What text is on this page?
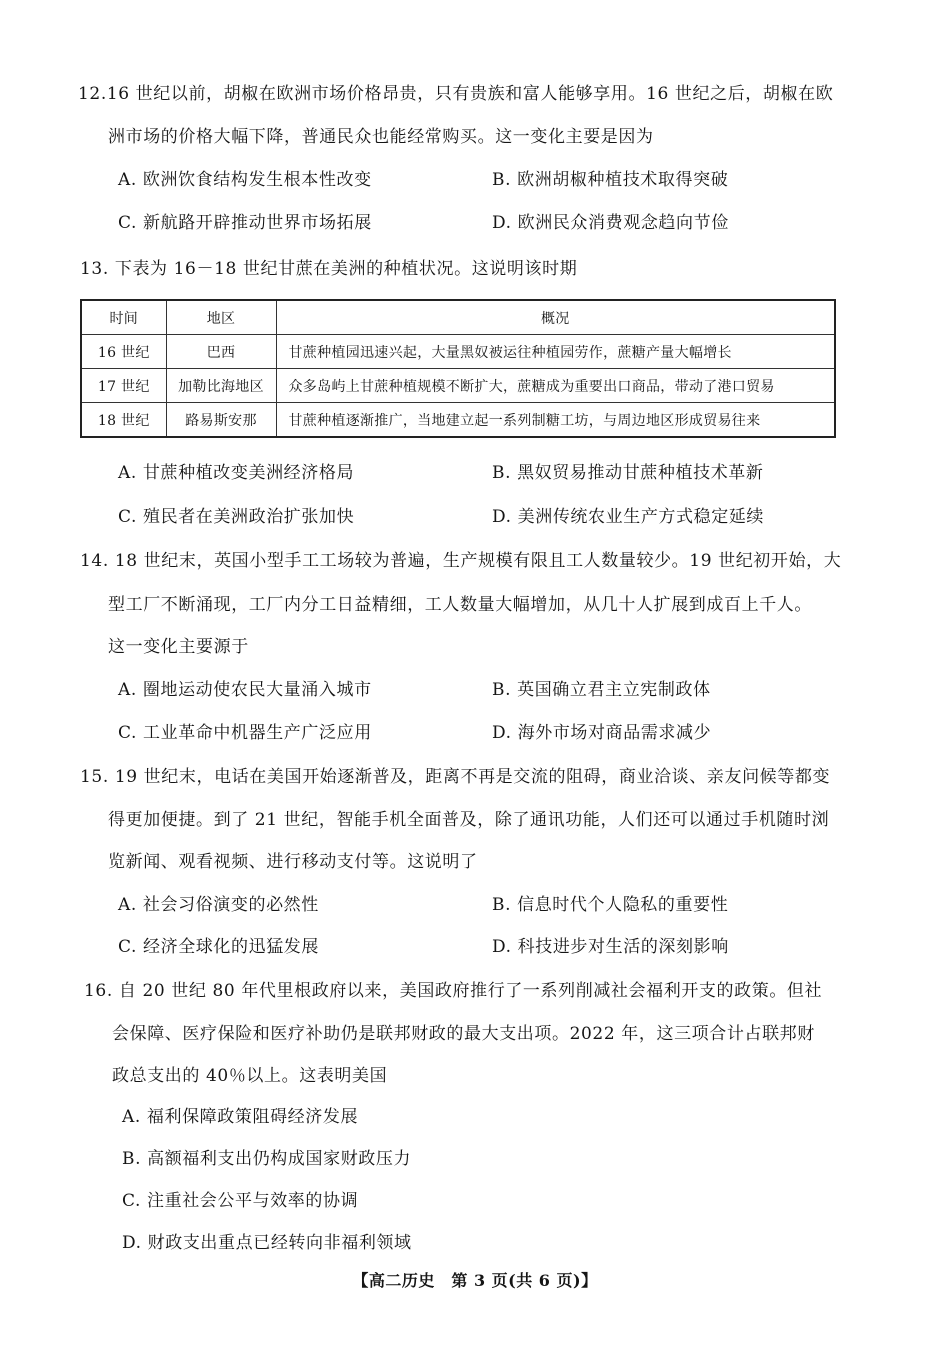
12.16 世纪以前，胡椒在欧洲市场价格昂贵，只有贵族和富人能够享用。16 世纪之后，胡椒在欧
洲市场的价格大幅下降，普通民众也能经常购买。这一变化主要是因为
A. 欧洲饮食结构发生根本性改变	B. 欧洲胡椒种植技术取得突破
C. 新航路开辟推动世界市场拓展	D. 欧洲民众消费观念趋向节俭
13. 下表为 16－18 世纪甘蔗在美洲的种植状况。这说明该时期
时间	地区	概况
16 世纪	巴西	甘蔗种植园迅速兴起，大量黑奴被运往种植园劳作，蔗糖产量大幅增长
17 世纪	加勒比海地区	众多岛屿上甘蔗种植规模不断扩大，蔗糖成为重要出口商品，带动了港口贸易
18 世纪	路易斯安那	甘蔗种植逐渐推广，当地建立起一系列制糖工坊，与周边地区形成贸易往来
A. 甘蔗种植改变美洲经济格局	B. 黑奴贸易推动甘蔗种植技术革新
C. 殖民者在美洲政治扩张加快	D. 美洲传统农业生产方式稳定延续
14. 18 世纪末，英国小型手工工场较为普遍，生产规模有限且工人数量较少。19 世纪初开始，大
型工厂不断涌现，工厂内分工日益精细，工人数量大幅增加，从几十人扩展到成百上千人。
这一变化主要源于
A. 圈地运动使农民大量涌入城市	B. 英国确立君主立宪制政体
C. 工业革命中机器生产广泛应用	D. 海外市场对商品需求减少
15. 19 世纪末，电话在美国开始逐渐普及，距离不再是交流的阻碍，商业洽谈、亲友问候等都变
得更加便捷。到了 21 世纪，智能手机全面普及，除了通讯功能，人们还可以通过手机随时浏
览新闻、观看视频、进行移动支付等。这说明了
A. 社会习俗演变的必然性	B. 信息时代个人隐私的重要性
C. 经济全球化的迅猛发展	D. 科技进步对生活的深刻影响
16. 自 20 世纪 80 年代里根政府以来，美国政府推行了一系列削减社会福利开支的政策。但社
会保障、医疗保险和医疗补助仍是联邦财政的最大支出项。2022 年，这三项合计占联邦财
政总支出的 40％以上。这表明美国
A. 福利保障政策阻碍经济发展
B. 高额福利支出仍构成国家财政压力
C. 注重社会公平与效率的协调
D. 财政支出重点已经转向非福利领域
【高二历史　第 3 页(共 6 页)】
